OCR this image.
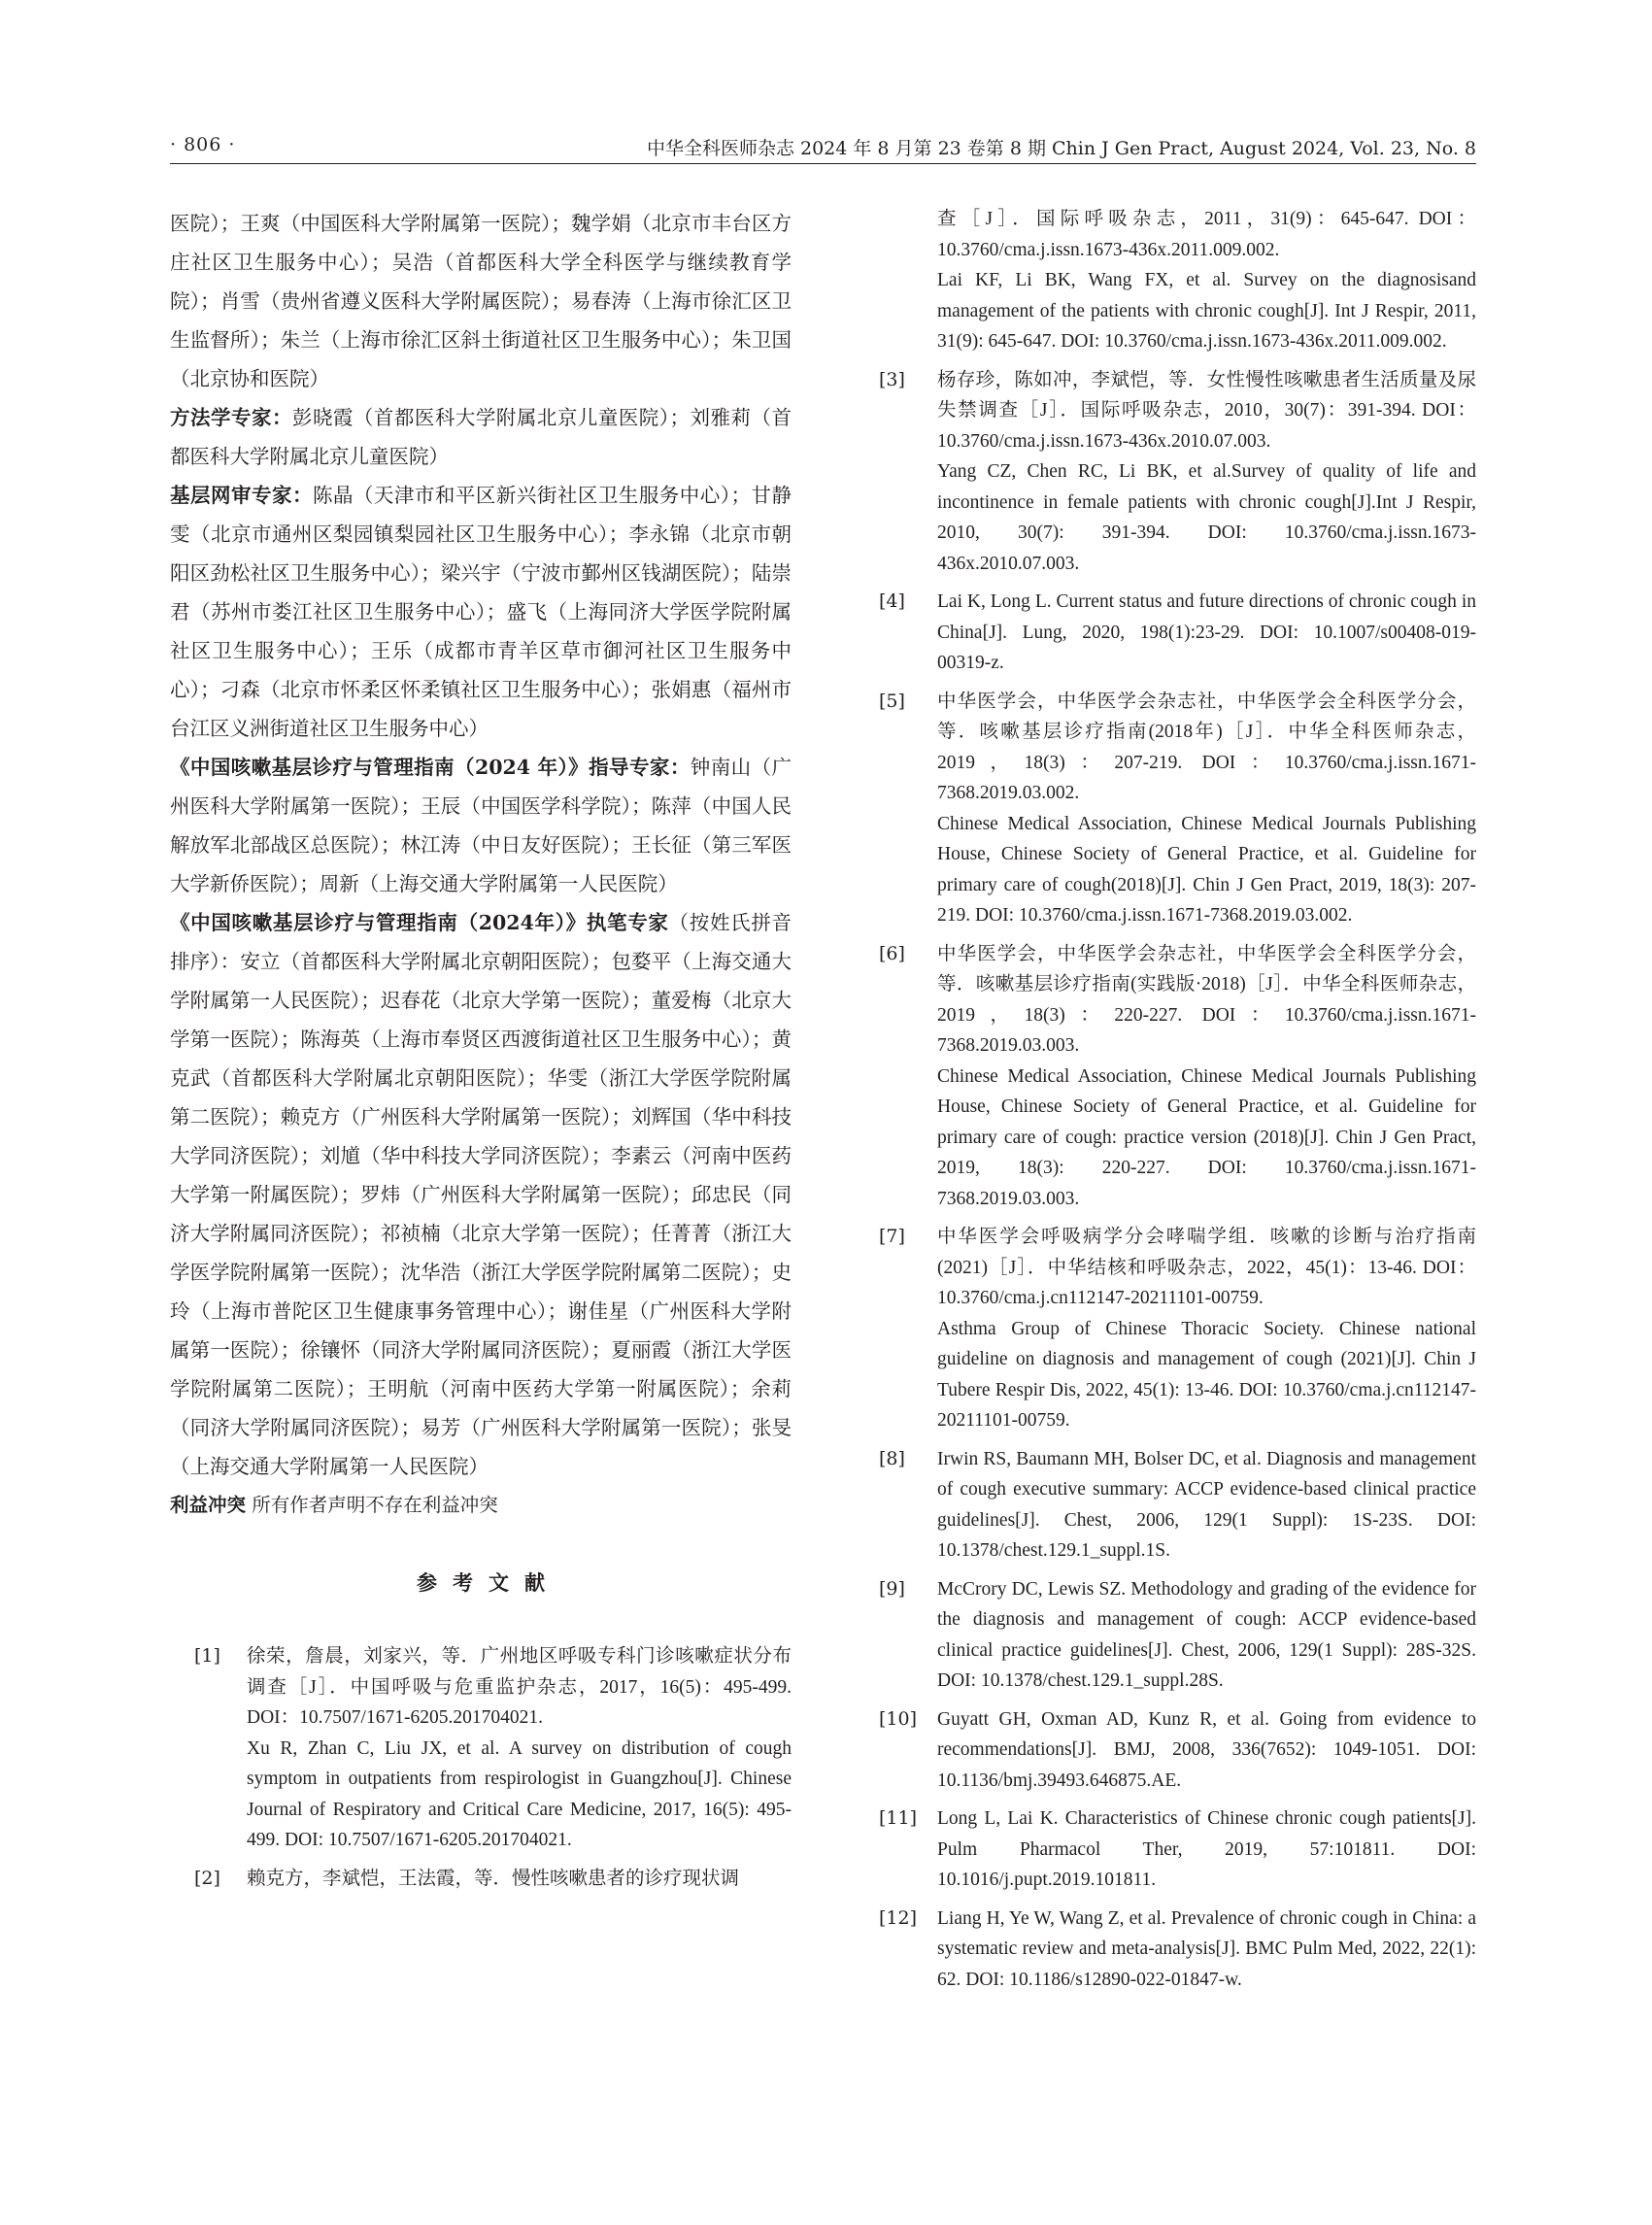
· 806 ·	中华全科医师杂志 2024 年 8 月第 23 卷第 8 期 Chin J Gen Pract, August 2024, Vol. 23, No. 8

医院）；王爽（中国医科大学附属第一医院）；魏学娟（北京市丰台区方庄社区卫生服务中心）；吴浩（首都医科大学全科医学与继续教育学院）；肖雪（贵州省遵义医科大学附属医院）；易春涛（上海市徐汇区卫生监督所）；朱兰（上海市徐汇区斜土街道社区卫生服务中心）；朱卫国（北京协和医院）

方法学专家：彭晓霞（首都医科大学附属北京儿童医院）；刘雅莉（首都医科大学附属北京儿童医院）

基层网审专家：陈晶（天津市和平区新兴街社区卫生服务中心）；甘静雯（北京市通州区梨园镇梨园社区卫生服务中心）；李永锦（北京市朝阳区劲松社区卫生服务中心）；梁兴宇（宁波市鄞州区钱湖医院）；陆崇君（苏州市娄江社区卫生服务中心）；盛飞（上海同济大学医学院附属社区卫生服务中心）；王乐（成都市青羊区草市御河社区卫生服务中心）；刁森（北京市怀柔区怀柔镇社区卫生服务中心）；张娟惠（福州市台江区义洲街道社区卫生服务中心）

《中国咳嗽基层诊疗与管理指南（2024 年）》指导专家：钟南山（广州医科大学附属第一医院）；王辰（中国医学科学院）；陈萍（中国人民解放军北部战区总医院）；林江涛（中日友好医院）；王长征（第三军医大学新侨医院）；周新（上海交通大学附属第一人民医院）

《中国咳嗽基层诊疗与管理指南（2024年）》执笔专家（按姓氏拼音排序）：安立（首都医科大学附属北京朝阳医院）；包婺平（上海交通大学附属第一人民医院）；迟春花（北京大学第一医院）；董爱梅（北京大学第一医院）；陈海英（上海市奉贤区西渡街道社区卫生服务中心）；黄克武（首都医科大学附属北京朝阳医院）；华雯（浙江大学医学院附属第二医院）；赖克方（广州医科大学附属第一医院）；刘辉国（华中科技大学同济医院）；刘馗（华中科技大学同济医院）；李素云（河南中医药大学第一附属医院）；罗炜（广州医科大学附属第一医院）；邱忠民（同济大学附属同济医院）；祁祯楠（北京大学第一医院）；任菁菁（浙江大学医学院附属第一医院）；沈华浩（浙江大学医学院附属第二医院）；史玲（上海市普陀区卫生健康事务管理中心）；谢佳星（广州医科大学附属第一医院）；徐镶怀（同济大学附属同济医院）；夏丽霞（浙江大学医学院附属第二医院）；王明航（河南中医药大学第一附属医院）；余莉（同济大学附属同济医院）；易芳（广州医科大学附属第一医院）；张旻（上海交通大学附属第一人民医院）

利益冲突 所有作者声明不存在利益冲突

参考文献
[1] 徐荣，詹晨，刘家兴，等．广州地区呼吸专科门诊咳嗽症状分布调查［J］．中国呼吸与危重监护杂志，2017，16(5)：495-499. DOI：10.7507/1671-6205.201704021.
Xu R, Zhan C, Liu JX, et al. A survey on distribution of cough symptom in outpatients from respirologist in Guangzhou[J]. Chinese Journal of Respiratory and Critical Care Medicine, 2017, 16(5): 495-499. DOI: 10.7507/1671-6205.201704021.
[2] 赖克方，李斌恺，王法霞，等．慢性咳嗽患者的诊疗现状调
查［J］．国际呼吸杂志，2011，31(9)：645-647. DOI：10.3760/cma.j.issn.1673-436x.2011.009.002.
Lai KF, Li BK, Wang FX, et al. Survey on the diagnosisand management of the patients with chronic cough[J]. Int J Respir, 2011, 31(9): 645-647. DOI: 10.3760/cma.j.issn.1673-436x.2011.009.002.
[3] 杨存珍，陈如冲，李斌恺，等．女性慢性咳嗽患者生活质量及尿失禁调查［J］．国际呼吸杂志，2010，30(7)：391-394. DOI：10.3760/cma.j.issn.1673-436x.2010.07.003.
Yang CZ, Chen RC, Li BK, et al.Survey of quality of life and incontinence in female patients with chronic cough[J].Int J Respir, 2010, 30(7): 391-394. DOI: 10.3760/cma.j.issn.1673-436x.2010.07.003.
[4] Lai K, Long L. Current status and future directions of chronic cough in China[J]. Lung, 2020, 198(1):23-29. DOI: 10.1007/s00408-019-00319-z.
[5] 中华医学会，中华医学会杂志社，中华医学会全科医学分会，等．咳嗽基层诊疗指南(2018年)［J］．中华全科医师杂志，2019，18(3)：207-219. DOI：10.3760/cma.j.issn.1671-7368.2019.03.002.
Chinese Medical Association, Chinese Medical Journals Publishing House, Chinese Society of General Practice, et al. Guideline for primary care of cough(2018)[J]. Chin J Gen Pract, 2019, 18(3): 207-219. DOI: 10.3760/cma.j.issn.1671-7368.2019.03.002.
[6] 中华医学会，中华医学会杂志社，中华医学会全科医学分会，等．咳嗽基层诊疗指南(实践版·2018)［J］．中华全科医师杂志，2019，18(3)：220-227. DOI：10.3760/cma.j.issn.1671-7368.2019.03.003.
Chinese Medical Association, Chinese Medical Journals Publishing House, Chinese Society of General Practice, et al. Guideline for primary care of cough: practice version (2018)[J]. Chin J Gen Pract, 2019, 18(3): 220-227. DOI: 10.3760/cma.j.issn.1671-7368.2019.03.003.
[7] 中华医学会呼吸病学分会哮喘学组．咳嗽的诊断与治疗指南(2021)［J］．中华结核和呼吸杂志，2022，45(1)：13-46. DOI：10.3760/cma.j.cn112147-20211101-00759.
Asthma Group of Chinese Thoracic Society. Chinese national guideline on diagnosis and management of cough (2021)[J]. Chin J Tubere Respir Dis, 2022, 45(1): 13-46. DOI: 10.3760/cma.j.cn112147-20211101-00759.
[8] Irwin RS, Baumann MH, Bolser DC, et al. Diagnosis and management of cough executive summary: ACCP evidence-based clinical practice guidelines[J]. Chest, 2006, 129(1 Suppl): 1S-23S. DOI: 10.1378/chest.129.1_suppl.1S.
[9] McCrory DC, Lewis SZ. Methodology and grading of the evidence for the diagnosis and management of cough: ACCP evidence-based clinical practice guidelines[J]. Chest, 2006, 129(1 Suppl): 28S-32S. DOI: 10.1378/chest.129.1_suppl.28S.
[10] Guyatt GH, Oxman AD, Kunz R, et al. Going from evidence to recommendations[J]. BMJ, 2008, 336(7652): 1049-1051. DOI: 10.1136/bmj.39493.646875.AE.
[11] Long L, Lai K. Characteristics of Chinese chronic cough patients[J]. Pulm Pharmacol Ther, 2019, 57:101811. DOI: 10.1016/j.pupt.2019.101811.
[12] Liang H, Ye W, Wang Z, et al. Prevalence of chronic cough in China: a systematic review and meta-analysis[J]. BMC Pulm Med, 2022, 22(1): 62. DOI: 10.1186/s12890-022-01847-w.
